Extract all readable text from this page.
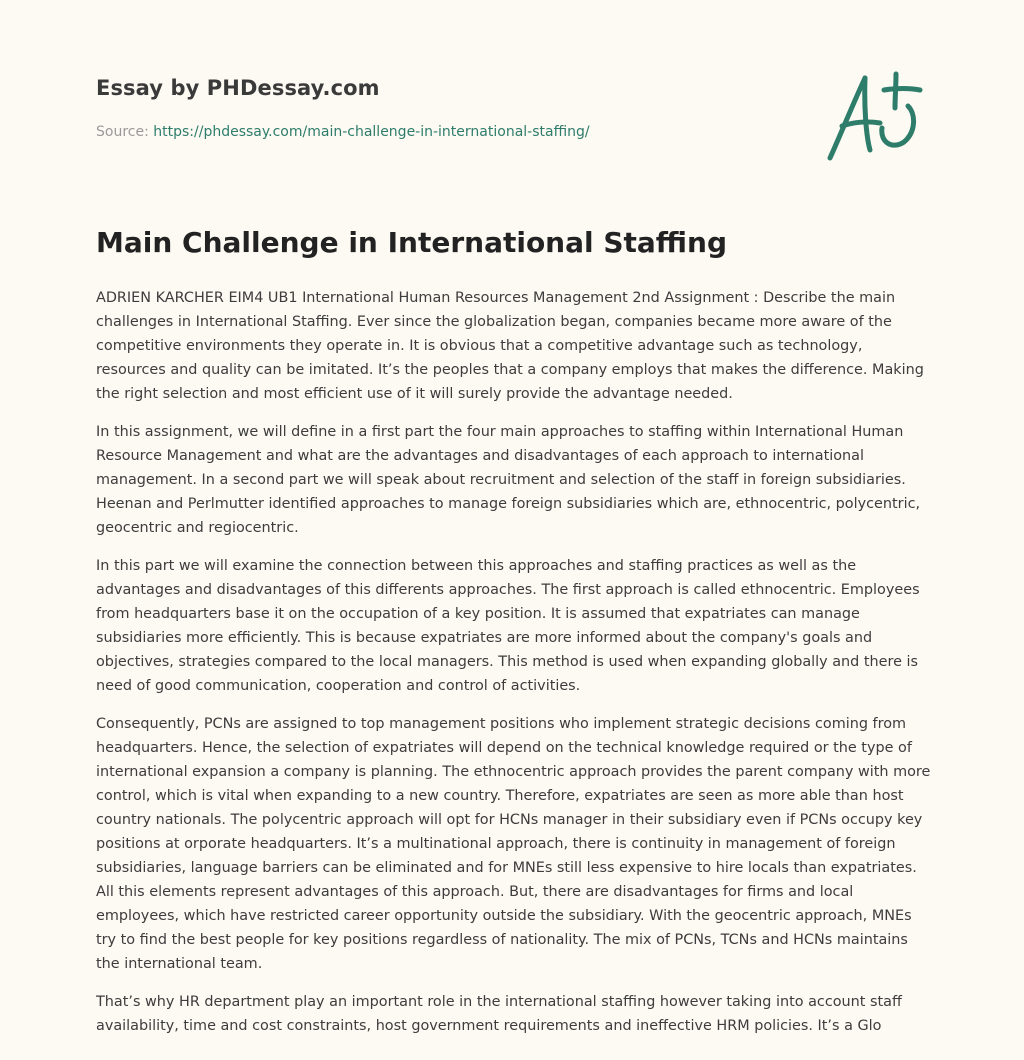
Essay by PHDessay.com
Source: https://phdessay.com/main-challenge-in-international-staffing/
Main Challenge in International Staffing

ADRIEN KARCHER EIM4 UB1 International Human Resources Management 2nd Assignment : Describe the main challenges in International Staffing. Ever since the globalization began, companies became more aware of the competitive environments they operate in. It is obvious that a competitive advantage such as technology, resources and quality can be imitated. It’s the peoples that a company employs that makes the difference. Making the right selection and most efficient use of it will surely provide the advantage needed.

In this assignment, we will define in a first part the four main approaches to staffing within International Human Resource Management and what are the advantages and disadvantages of each approach to international management. In a second part we will speak about recruitment and selection of the staff in foreign subsidiaries. Heenan and Perlmutter identified approaches to manage foreign subsidiaries which are, ethnocentric, polycentric, geocentric and regiocentric.

In this part we will examine the connection between this approaches and staffing practices as well as the advantages and disadvantages of this differents approaches. The first approach is called ethnocentric. Employees from headquarters base it on the occupation of a key position. It is assumed that expatriates can manage subsidiaries more efficiently. This is because expatriates are more informed about the company's goals and objectives, strategies compared to the local managers. This method is used when expanding globally and there is need of good communication, cooperation and control of activities.

Consequently, PCNs are assigned to top management positions who implement strategic decisions coming from headquarters. Hence, the selection of expatriates will depend on the technical knowledge required or the type of international expansion a company is planning. The ethnocentric approach provides the parent company with more control, which is vital when expanding to a new country. Therefore, expatriates are seen as more able than host country nationals. The polycentric approach will opt for HCNs manager in their subsidiary even if PCNs occupy key positions at orporate headquarters. It’s a multinational approach, there is continuity in management of foreign subsidiaries, language barriers can be eliminated and for MNEs still less expensive to hire locals than expatriates. All this elements represent advantages of this approach. But, there are disadvantages for firms and local employees, which have restricted career opportunity outside the subsidiary. With the geocentric approach, MNEs try to find the best people for key positions regardless of nationality. The mix of PCNs, TCNs and HCNs maintains the international team.

That’s why HR department play an important role in the international staffing however taking into account staff availability, time and cost constraints, host government requirements and ineffective HRM policies. It’s a Glo
